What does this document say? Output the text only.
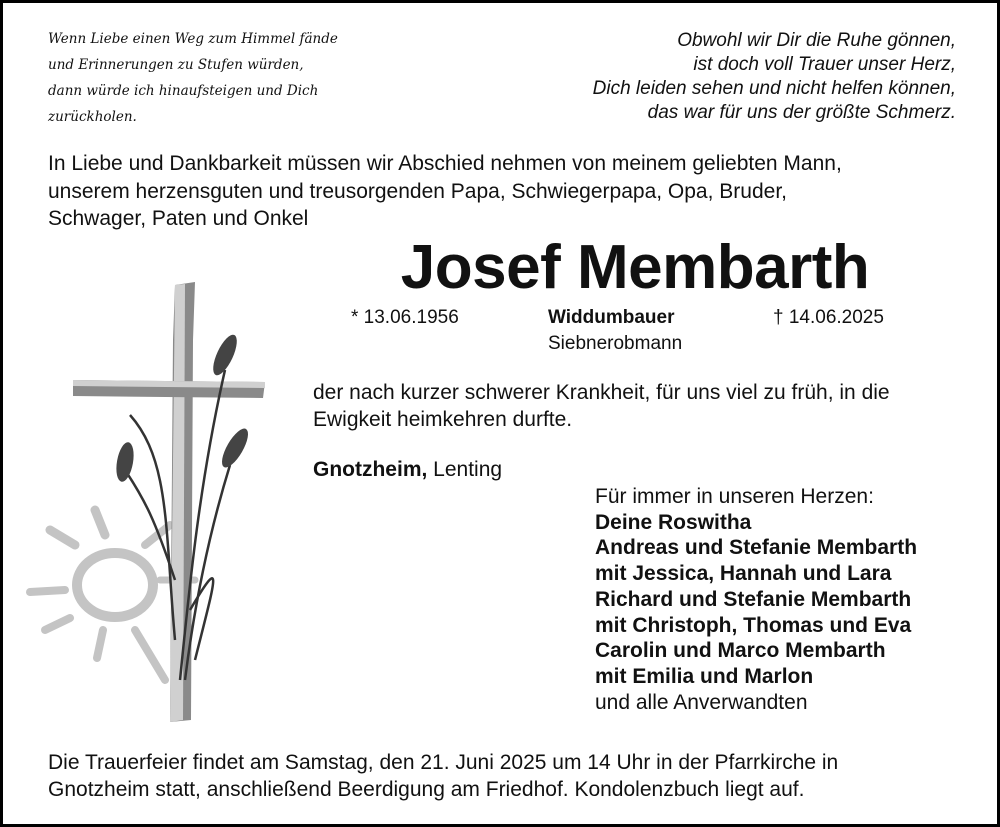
Wenn Liebe einen Weg zum Himmel fände
und Erinnerungen zu Stufen würden,
dann würde ich hinaufsteigen und Dich
zurückholen.
Obwohl wir Dir die Ruhe gönnen,
ist doch voll Trauer unser Herz,
Dich leiden sehen und nicht helfen können,
das war für uns der größte Schmerz.
In Liebe und Dankbarkeit müssen wir Abschied nehmen von meinem geliebten Mann,
unserem herzensguten und treusorgenden Papa, Schwiegerpapa, Opa, Bruder,
Schwager, Paten und Onkel
Josef Membarth
* 13.06.1956	Widdumbauer
Siebnerobmann
† 14.06.2025
der nach kurzer schwerer Krankheit, für uns viel zu früh, in die
Ewigkeit heimkehren durfte.
Gnotzheim, Lenting
Für immer in unseren Herzen:
Deine Roswitha
Andreas und Stefanie Membarth
mit Jessica, Hannah und Lara
Richard und Stefanie Membarth
mit Christoph, Thomas und Eva
Carolin und Marco Membarth
mit Emilia und Marlon
und alle Anverwandten
Die Trauerfeier findet am Samstag, den 21. Juni 2025 um 14 Uhr in der Pfarrkirche in
Gnotzheim statt, anschließend Beerdigung am Friedhof. Kondolenzbuch liegt auf.
